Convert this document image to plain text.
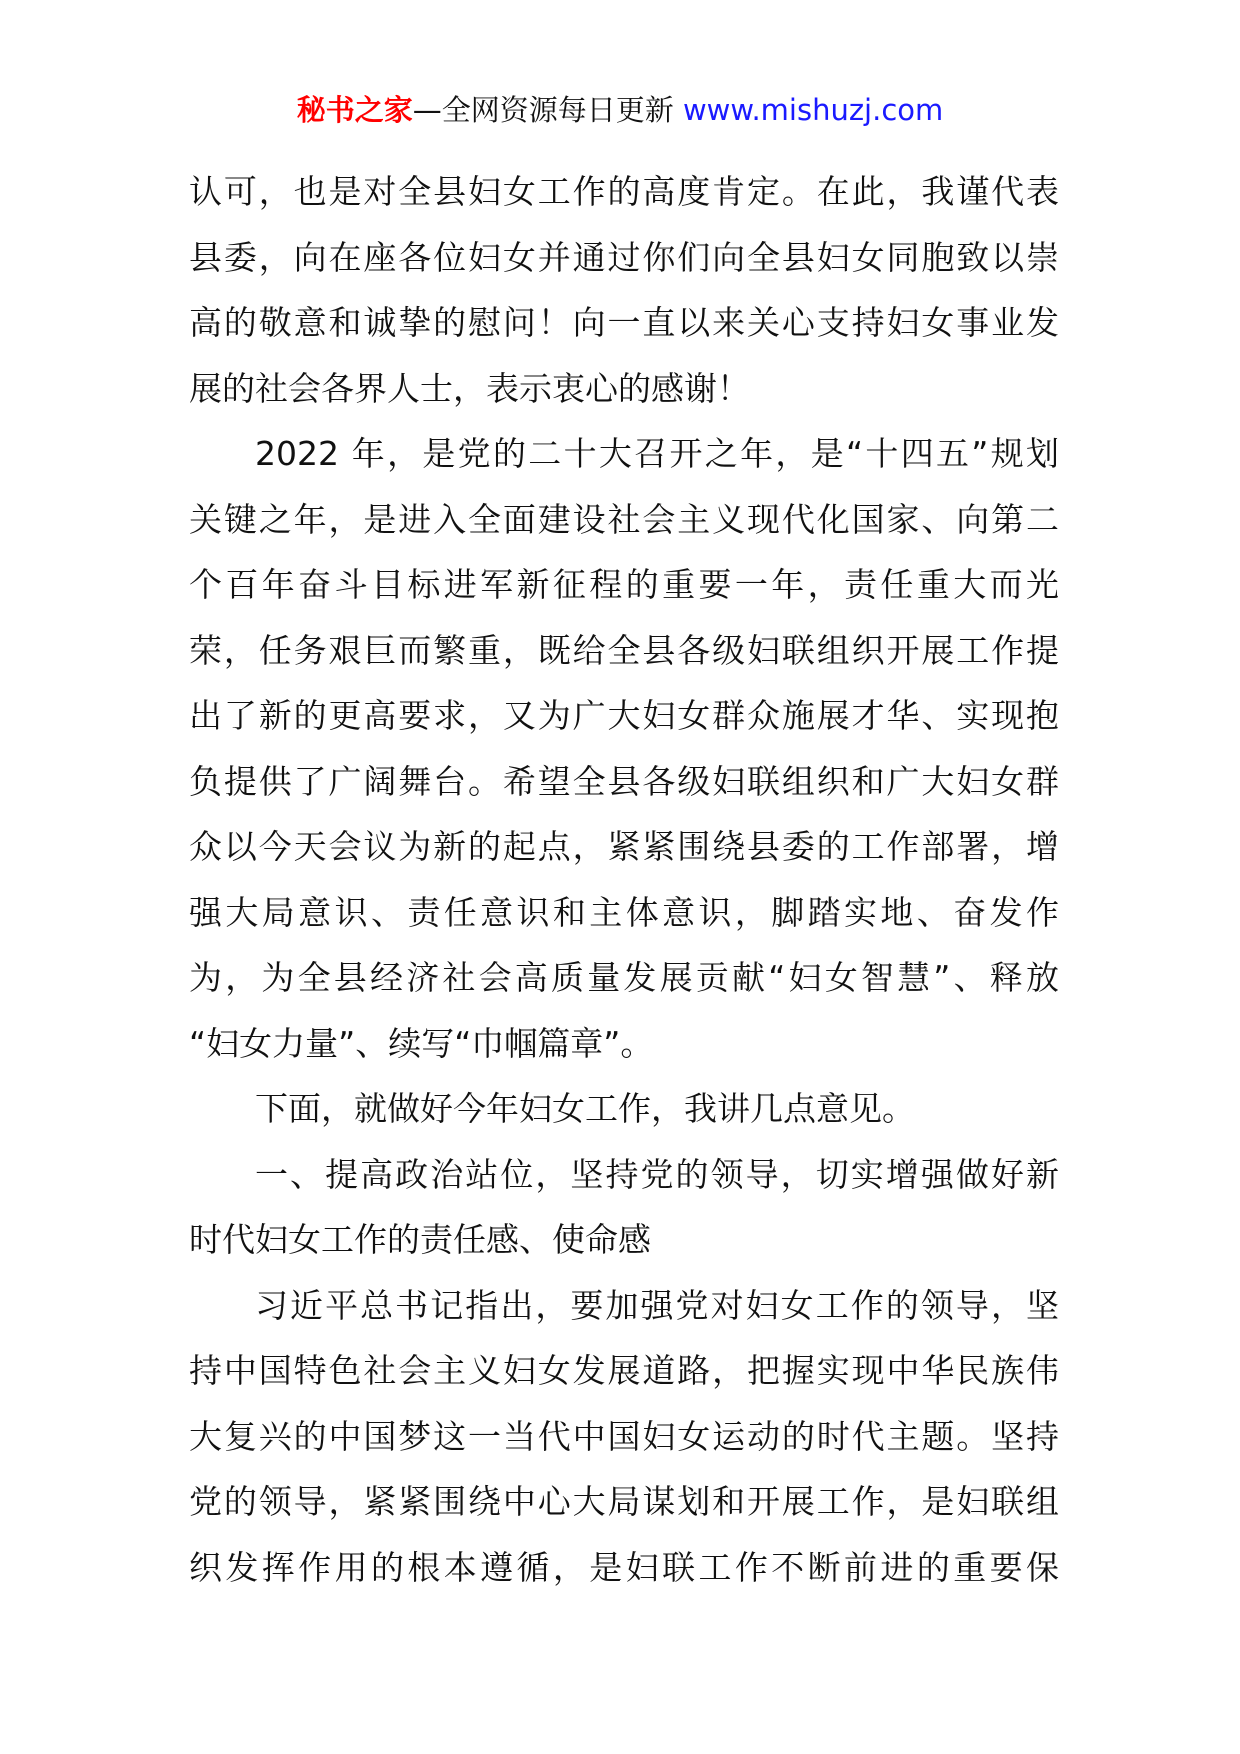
秘书之家—全网资源每日更新 www.mishuzj.com
认可，也是对全县妇女工作的高度肯定。在此，我谨代表
县委，向在座各位妇女并通过你们向全县妇女同胞致以崇
高的敬意和诚挚的慰问！向一直以来关心支持妇女事业发
展的社会各界人士，表示衷心的感谢！
2022 年，是党的二十大召开之年，是“十四五”规划
关键之年，是进入全面建设社会主义现代化国家、向第二
个百年奋斗目标进军新征程的重要一年，责任重大而光
荣，任务艰巨而繁重，既给全县各级妇联组织开展工作提
出了新的更高要求，又为广大妇女群众施展才华、实现抱
负提供了广阔舞台。希望全县各级妇联组织和广大妇女群
众以今天会议为新的起点，紧紧围绕县委的工作部署，增
强大局意识、责任意识和主体意识，脚踏实地、奋发作
为，为全县经济社会高质量发展贡献“妇女智慧”、释放
“妇女力量”、续写“巾帼篇章”。
下面，就做好今年妇女工作，我讲几点意见。
一、提高政治站位，坚持党的领导，切实增强做好新
时代妇女工作的责任感、使命感
习近平总书记指出，要加强党对妇女工作的领导，坚
持中国特色社会主义妇女发展道路，把握实现中华民族伟
大复兴的中国梦这一当代中国妇女运动的时代主题。坚持
党的领导，紧紧围绕中心大局谋划和开展工作，是妇联组
织发挥作用的根本遵循，是妇联工作不断前进的重要保
